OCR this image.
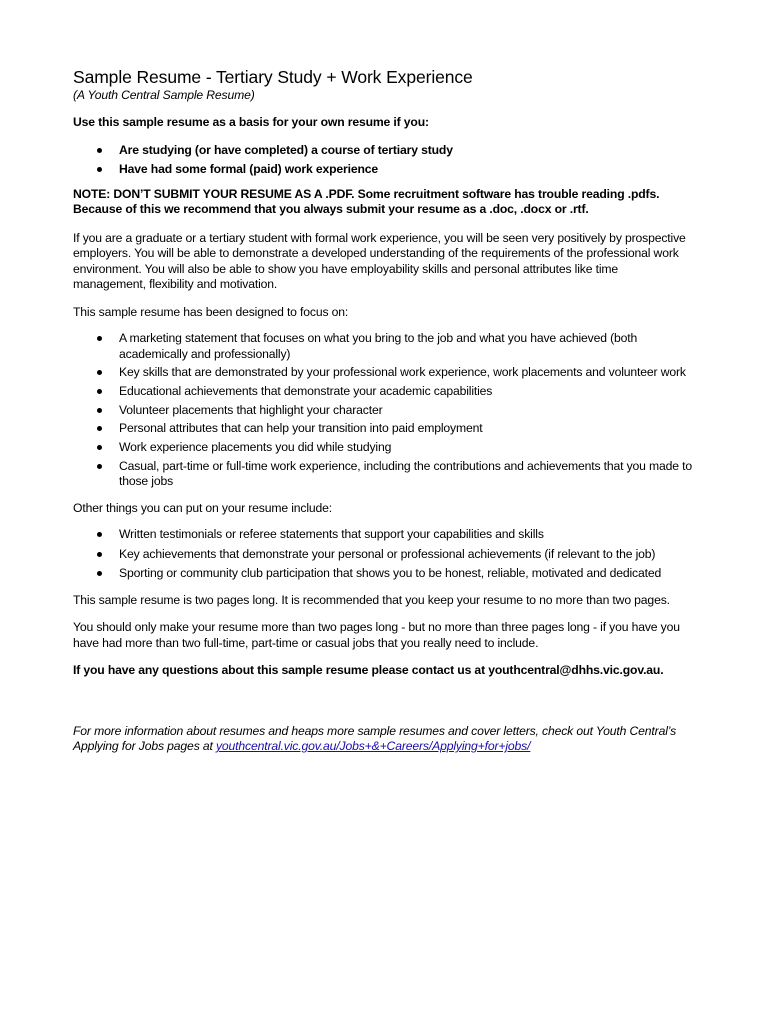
Sample Resume - Tertiary Study + Work Experience
(A Youth Central Sample Resume)
Use this sample resume as a basis for your own resume if you:
Are studying (or have completed) a course of tertiary study
Have had some formal (paid) work experience
NOTE: DON’T SUBMIT YOUR RESUME AS A .PDF. Some recruitment software has trouble reading .pdfs. Because of this we recommend that you always submit your resume as a .doc, .docx or .rtf.

If you are a graduate or a tertiary student with formal work experience, you will be seen very positively by prospective employers. You will be able to demonstrate a developed understanding of the requirements of the professional work environment. You will also be able to show you have employability skills and personal attributes like time management, flexibility and motivation.

This sample resume has been designed to focus on:

A marketing statement that focuses on what you bring to the job and what you have achieved (both academically and professionally)
Key skills that are demonstrated by your professional work experience, work placements and volunteer work
Educational achievements that demonstrate your academic capabilities
Volunteer placements that highlight your character
Personal attributes that can help your transition into paid employment
Work experience placements you did while studying
Casual, part-time or full-time work experience, including the contributions and achievements that you made to those jobs

Other things you can put on your resume include:

Written testimonials or referee statements that support your capabilities and skills
Key achievements that demonstrate your personal or professional achievements (if relevant to the job)
Sporting or community club participation that shows you to be honest, reliable, motivated and dedicated

This sample resume is two pages long. It is recommended that you keep your resume to no more than two pages.

You should only make your resume more than two pages long - but no more than three pages long - if you have you have had more than two full-time, part-time or casual jobs that you really need to include.

If you have any questions about this sample resume please contact us at youthcentral@dhhs.vic.gov.au.

For more information about resumes and heaps more sample resumes and cover letters, check out Youth Central’s Applying for Jobs pages at youthcentral.vic.gov.au/Jobs+&+Careers/Applying+for+jobs/
